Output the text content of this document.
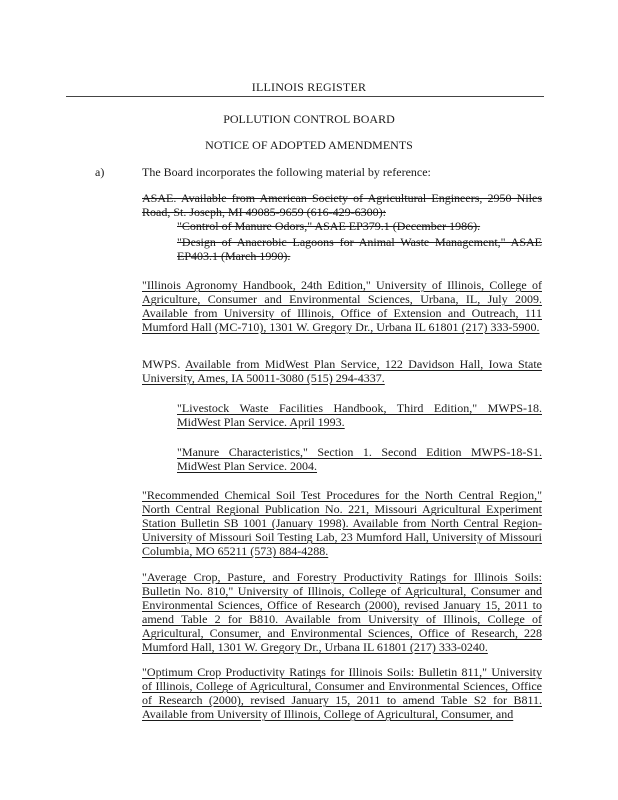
ILLINOIS REGISTER
POLLUTION CONTROL BOARD
NOTICE OF ADOPTED AMENDMENTS
a)	The Board incorporates the following material by reference:
ASAE. Available from American Society of Agricultural Engineers, 2950 Niles Road, St. Joseph, MI 49085-9659 (616-429-6300):
"Control of Manure Odors," ASAE EP379.1 (December 1986).
"Design of Anaerobic Lagoons for Animal Waste Management," ASAE EP403.1 (March 1990).
"Illinois Agronomy Handbook, 24th Edition," University of Illinois, College of Agriculture, Consumer and Environmental Sciences, Urbana, IL, July 2009. Available from University of Illinois, Office of Extension and Outreach, 111 Mumford Hall (MC-710), 1301 W. Gregory Dr., Urbana IL 61801 (217) 333-5900.
MWPS. Available from MidWest Plan Service, 122 Davidson Hall, Iowa State University, Ames, IA 50011-3080 (515) 294-4337.
"Livestock Waste Facilities Handbook, Third Edition," MWPS-18. MidWest Plan Service. April 1993.
"Manure Characteristics," Section 1. Second Edition MWPS-18-S1. MidWest Plan Service. 2004.
"Recommended Chemical Soil Test Procedures for the North Central Region," North Central Regional Publication No. 221, Missouri Agricultural Experiment Station Bulletin SB 1001 (January 1998). Available from North Central Region-University of Missouri Soil Testing Lab, 23 Mumford Hall, University of Missouri Columbia, MO 65211 (573) 884-4288.
"Average Crop, Pasture, and Forestry Productivity Ratings for Illinois Soils: Bulletin No. 810," University of Illinois, College of Agricultural, Consumer and Environmental Sciences, Office of Research (2000), revised January 15, 2011 to amend Table 2 for B810. Available from University of Illinois, College of Agricultural, Consumer, and Environmental Sciences, Office of Research, 228 Mumford Hall, 1301 W. Gregory Dr., Urbana IL 61801 (217) 333-0240.
"Optimum Crop Productivity Ratings for Illinois Soils: Bulletin 811," University of Illinois, College of Agricultural, Consumer and Environmental Sciences, Office of Research (2000), revised January 15, 2011 to amend Table S2 for B811. Available from University of Illinois, College of Agricultural, Consumer, and
